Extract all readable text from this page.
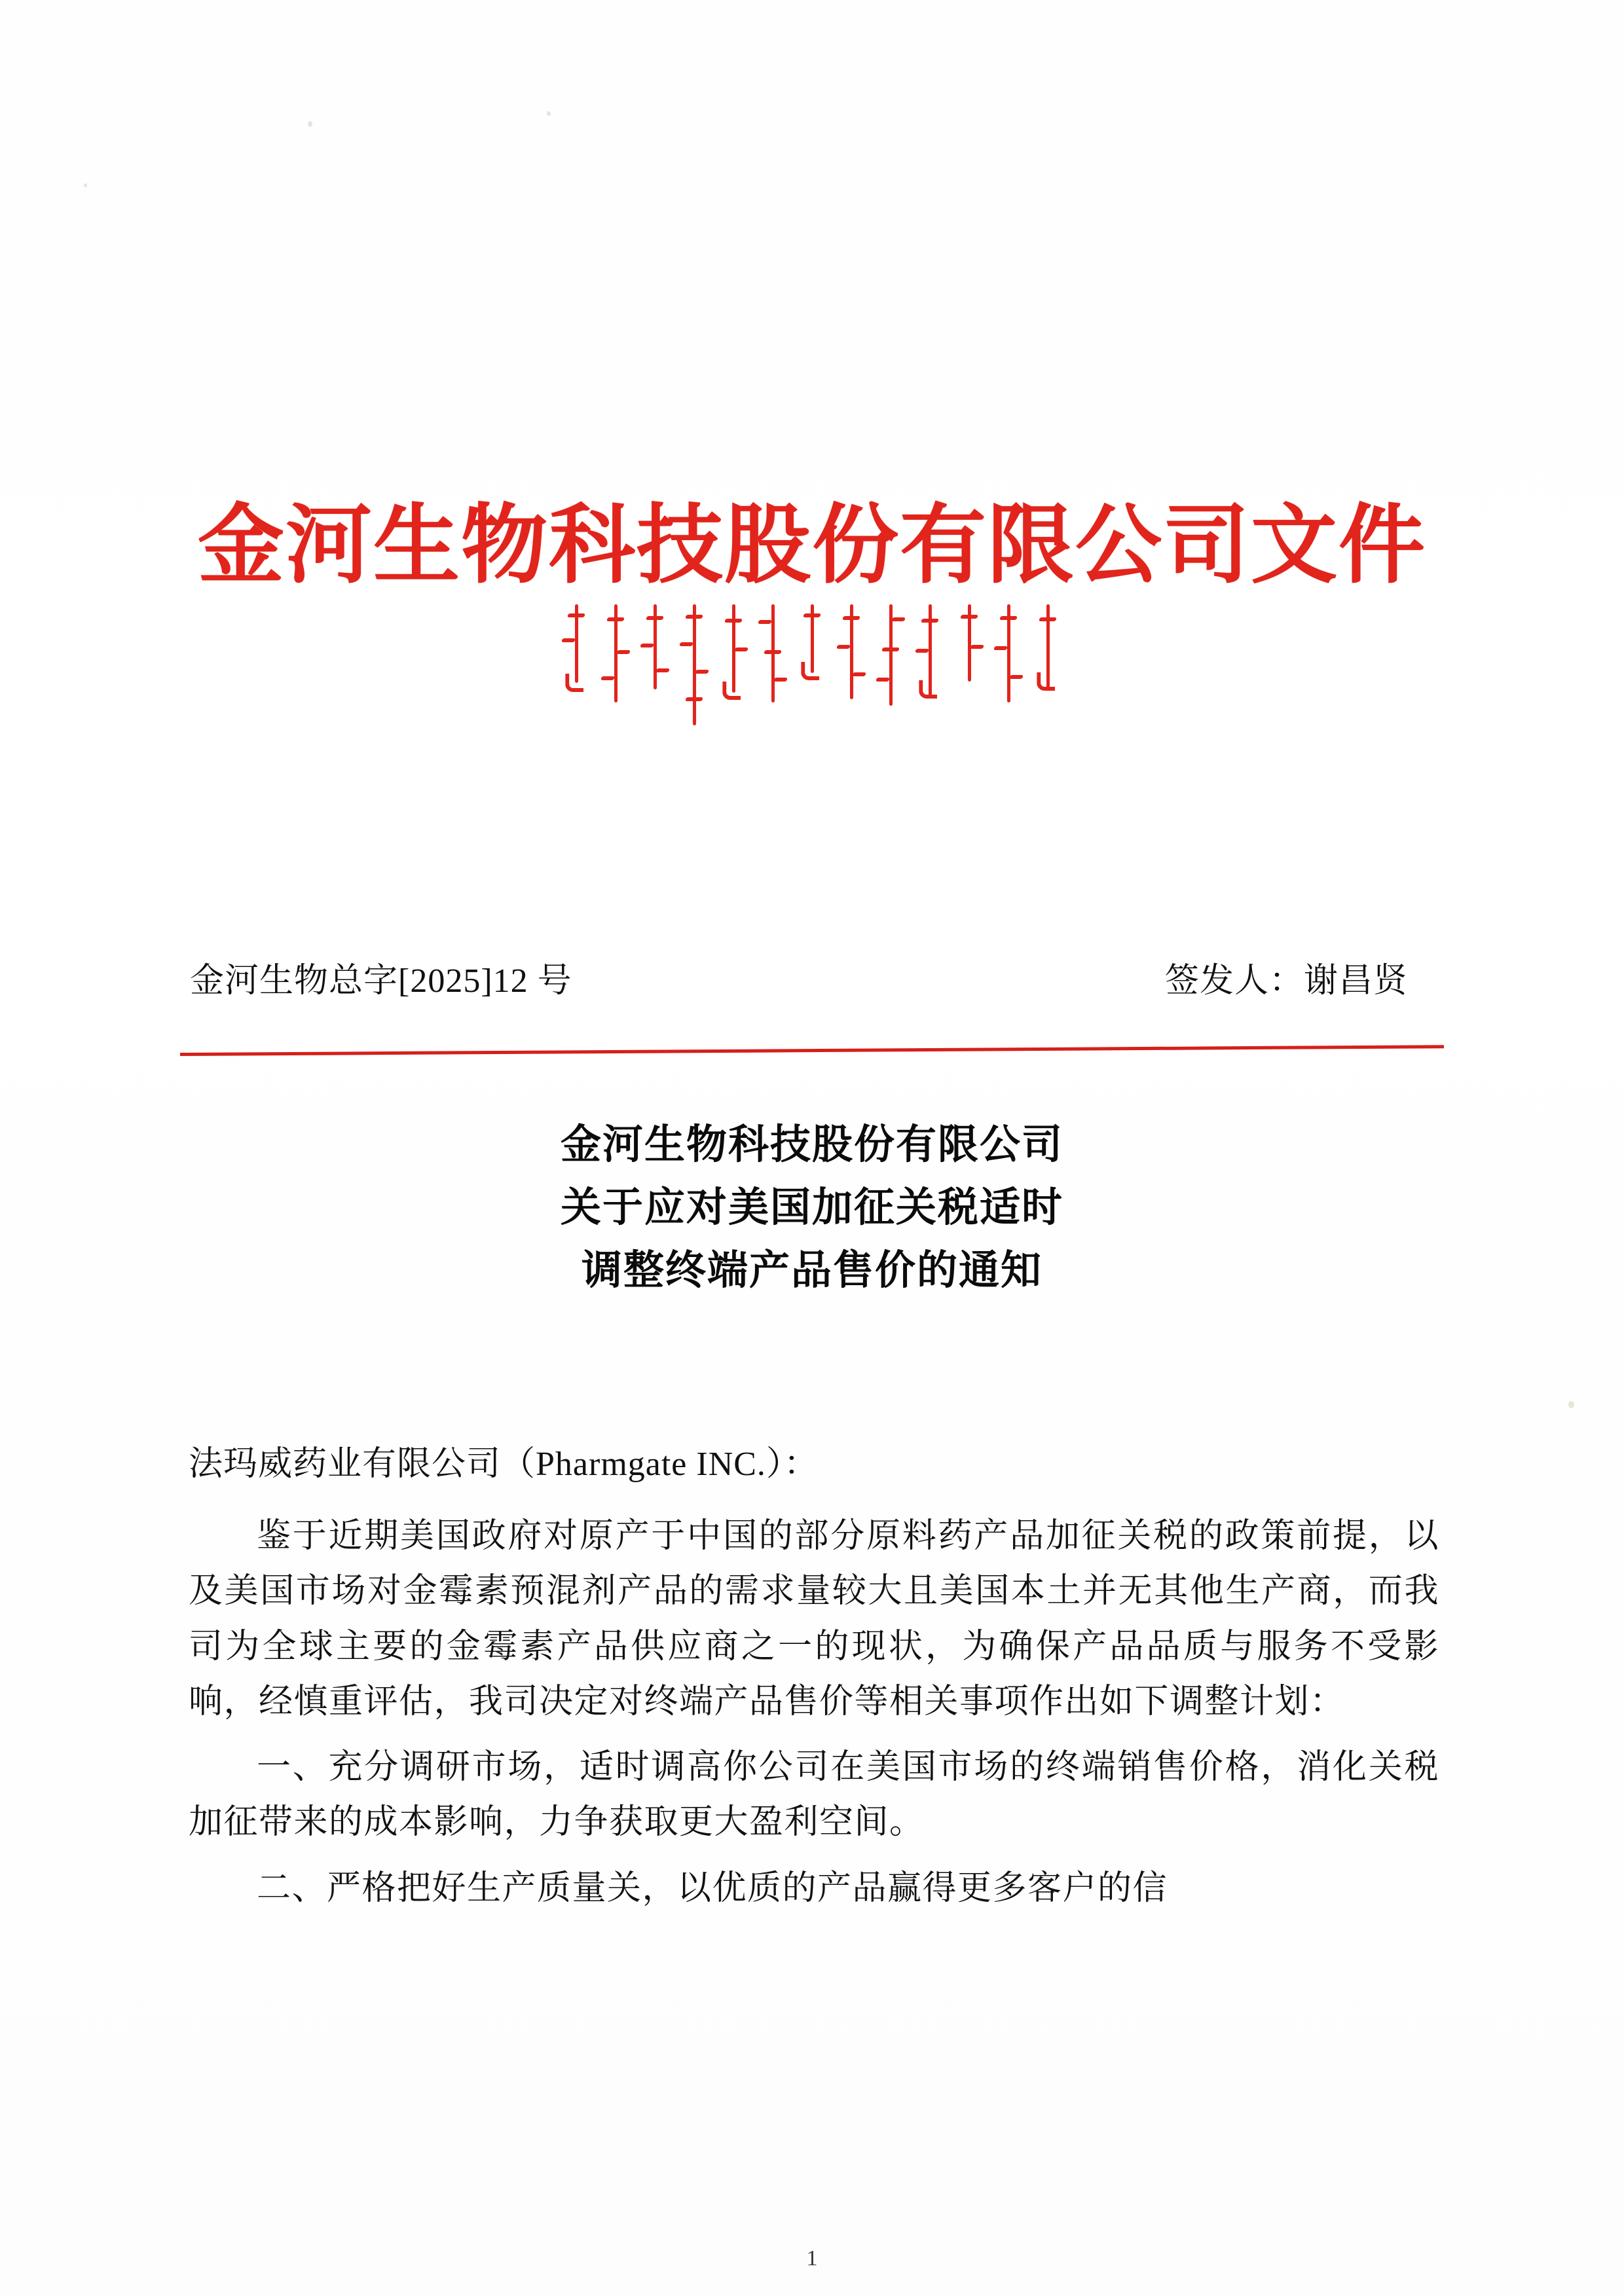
金河生物科技股份有限公司文件
金河生物总字[2025]12 号	签发人：谢昌贤
金河生物科技股份有限公司
关于应对美国加征关税适时
调整终端产品售价的通知

法玛威药业有限公司（Pharmgate INC.）：

鉴于近期美国政府对原产于中国的部分原料药产品加征关税的政策前提，以及美国市场对金霉素预混剂产品的需求量较大且美国本土并无其他生产商，而我司为全球主要的金霉素产品供应商之一的现状，为确保产品品质与服务不受影响，经慎重评估，我司决定对终端产品售价等相关事项作出如下调整计划：

一、充分调研市场，适时调高你公司在美国市场的终端销售价格，消化关税加征带来的成本影响，力争获取更大盈利空间。

二、严格把好生产质量关，以优质的产品赢得更多客户的信

1
